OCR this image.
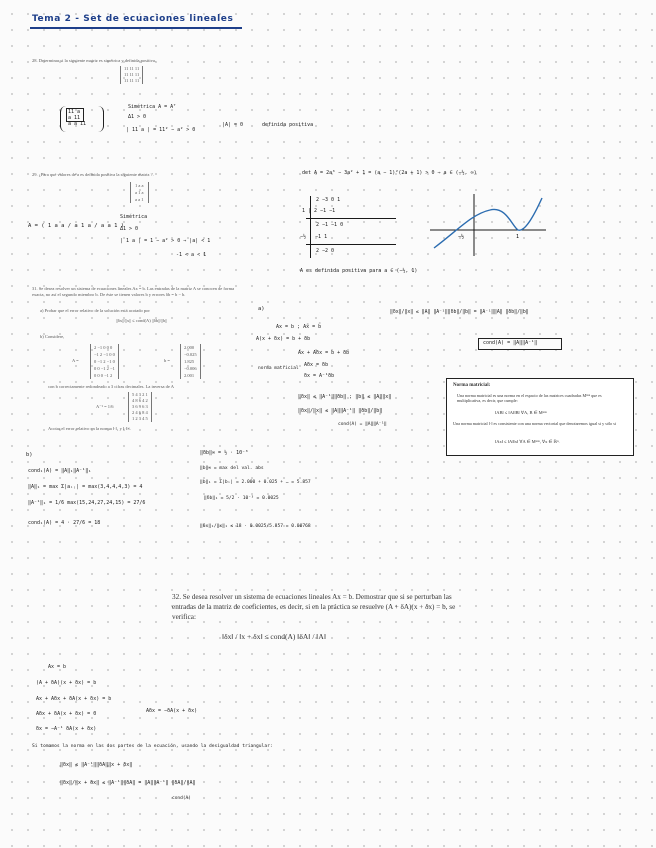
Tema 2 - Set de ecuaciones lineales
28. Determinar si la siguiente matriz es simétrica y definida positiva.
11 11 11
11 11 11
11 11 11
11 a
a 11
a a 11
Simétrica A = Aᵀ
Δ1 > 0
| 11 a | = 11² − a² > 0
|A| = 0	definida positiva
29. ¿Para qué valores de a es definida positiva la siguiente matriz ?.
1 a a
a 1 a
a a 1
A = ( 1 a a / a 1 a / a a 1 )
Simétrica
Δ1 > 0
| 1 a | = 1 − a² > 0 ⇒ |a| < 1
-1 < a < 1
det A = 2a³ − 3a² + 1 = (a − 1)²(2a + 1) > 0 ⇒ a ∈ (−½, ∞)
2 −3 0 1
1 | 2 −1 −1
2 −1 −1 0
−½ | −1 1
2 −2 0
A es definida positiva para a ∈ (−½, 1)
−½	1
31. Se desea resolver un sistema de ecuaciones lineales Ax = b. Las entradas de la matriz A se conocen de forma exacta, no así el segundo miembro b. De éste se tienen valores b y errores δb = b − b.
a) Probar que el error relativo de la solución está acotado por
||δx||/||x|| ≤ cond(A) ||δb||/||b||
b) Considere,
A =
2 −1 0 0 0
−1 2 −1 0 0
0 −1 2 −1 0
0 0 −1 2 −1
0 0 0 −1 2
b =
2.000
−0.025
1.825
−0.006
2.001
con b correctamente redondeado a 3 cifras decimales. La inversa de A
A⁻¹ = 1/6
5 4 3 2 1
4 8 6 4 2
3 6 9 6 3
2 4 6 8 4
1 2 3 4 5
Acotar el error relativo en la norma ‖·‖₁ y ‖·‖∞.
a)
Ax = b ; Ax̃ = b̃
A(x + δx) = b + δb
Ax + Aδx = b + δb
Aδx = δb
δx = A⁻¹δb
norma matricial
‖δx‖ ≤ ‖A⁻¹‖‖δb‖ ; ‖b‖ ≤ ‖A‖‖x‖
‖δx‖/‖x‖ ≤ ‖A‖‖A⁻¹‖ ‖δb‖/‖b‖
cond(A) = ‖A‖‖A⁻¹‖
‖δx‖/‖x‖ ≤ ‖A‖ ‖A⁻¹‖‖δb‖/‖b‖ = ‖A⁻¹‖‖A‖ ‖δb‖/‖b‖
cond(A) = ‖A‖‖A⁻¹‖
Norma matricial:
Una norma matricial es una norma en el espacio de las matrices cuadradas Mⁿˣⁿ que es multiplicativa, es decir, que cumple:
‖AB‖ ≤ ‖A‖‖B‖ ∀A, B ∈ Mⁿˣⁿ
Una norma matricial ‖·‖ es consistente con una norma vectorial que denotaremos igual si y sólo si
‖Ax‖ ≤ ‖A‖‖x‖ ∀A ∈ Mⁿˣⁿ, ∀x ∈ ℝⁿ.
b)
cond₁(A) = ‖A‖₁‖A⁻¹‖₁
‖A‖₁ = max Σ|aᵢⱼ| = max(3,4,4,4,3) = 4
‖A⁻¹‖₁ = 1/6 max(15,24,27,24,15) = 27/6
cond₁(A) = 4 · 27/6 = 18
‖δb‖∞ = ½ · 10⁻³
‖b‖∞ = max del val. abs
‖b‖₁ = Σ|bᵢ| = 2.000 + 0.025 + … = 5.857
‖δb‖₁ = 5/2 · 10⁻³ = 0.0025
‖δx‖₁/‖x‖₁ ≤ 18 · 0.0025/5.857 = 0.00768
32. Se desea resolver un sistema de ecuaciones lineales Ax = b. Demostrar que si se perturban las entradas de la matriz de coeficientes, es decir, si en la práctica se resuelve (A + δA)(x + δx) = b, se verifica:
‖δx‖ / ‖x + δx‖ ≤ cond(A) ‖δA‖ / ‖A‖
Ax = b
(A + δA)(x + δx) = b
Ax + Aδx + δA(x + δx) = b
Aδx + δA(x + δx) = 0
δx = −A⁻¹ δA(x + δx)
Aδx = −δA(x + δx)
Si tomamos la norma en las dos partes de la ecuación, usando la desigualdad triangular:
‖δx‖ ≤ ‖A⁻¹‖‖δA‖‖x + δx‖
‖δx‖/‖x + δx‖ ≤ ‖A⁻¹‖‖δA‖ = ‖A‖‖A⁻¹‖ ‖δA‖/‖A‖
cond(A)
